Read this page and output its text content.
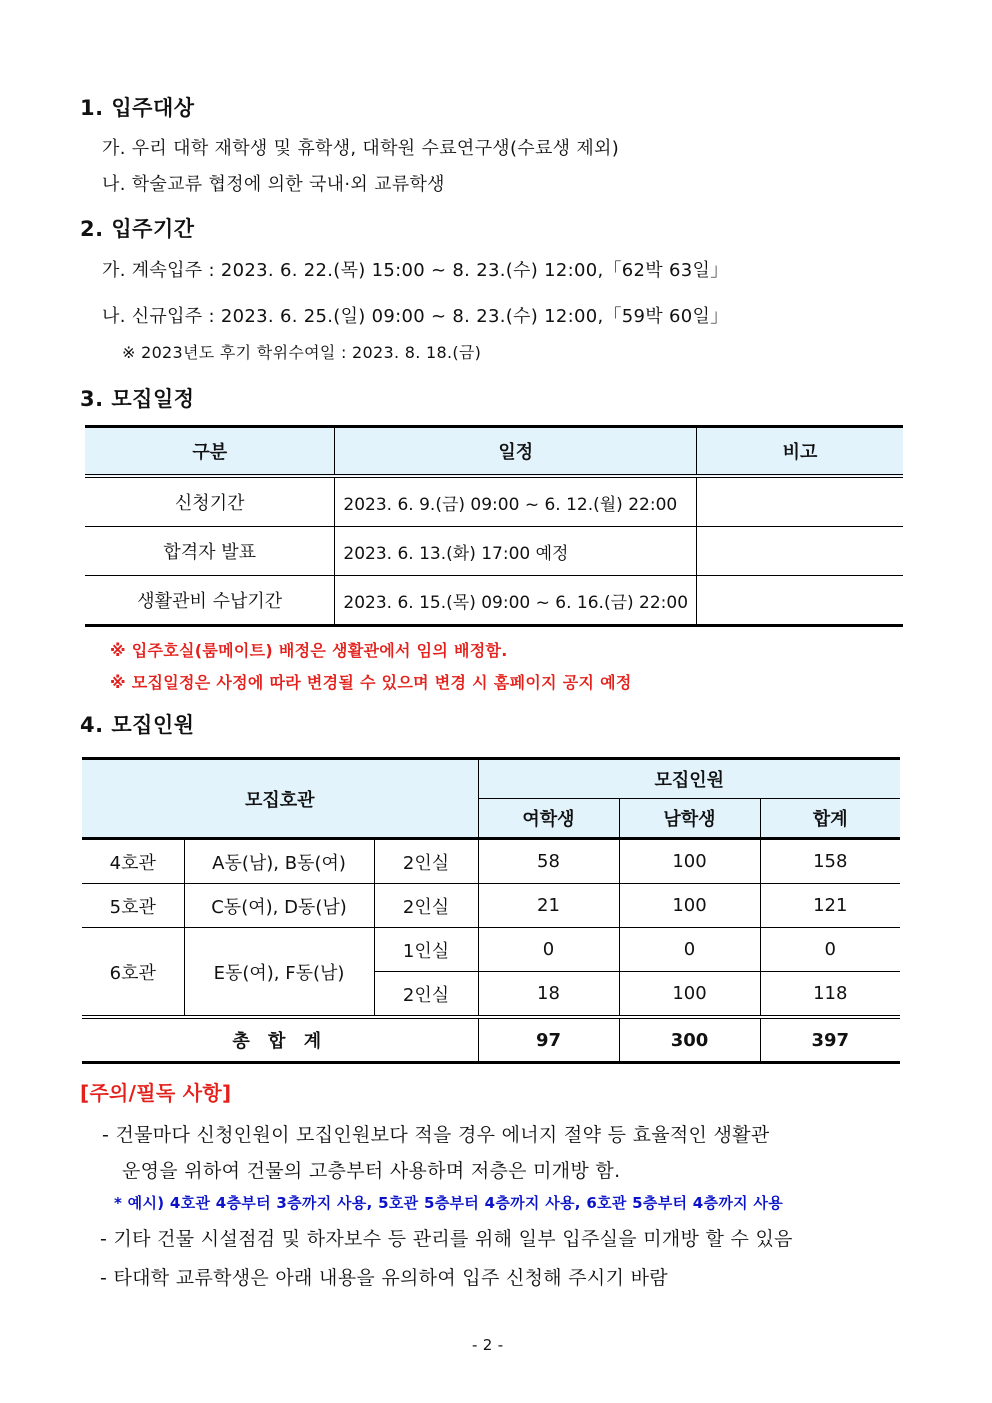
1. 입주대상
가. 우리 대학 재학생 및 휴학생, 대학원 수료연구생(수료생 제외)
나. 학술교류 협정에 의한 국내·외 교류학생
2. 입주기간
가. 계속입주 : 2023. 6. 22.(목) 15:00 ~ 8. 23.(수) 12:00,「62박 63일」
나. 신규입주 : 2023. 6. 25.(일) 09:00 ~ 8. 23.(수) 12:00,「59박 60일」
※ 2023년도 후기 학위수여일 : 2023. 8. 18.(금)
3. 모집일정
구분	일정	비고
신청기간	2023. 6. 9.(금) 09:00 ~ 6. 12.(월) 22:00	
합격자 발표	2023. 6. 13.(화) 17:00 예정	
생활관비 수납기간	2023. 6. 15.(목) 09:00 ~ 6. 16.(금) 22:00	
※ 입주호실(룸메이트) 배정은 생활관에서 임의 배정함.
※ 모집일정은 사정에 따라 변경될 수 있으며 변경 시 홈페이지 공지 예정
4. 모집인원
모집호관			모집인원		
			여학생	남학생	합계
4호관	A동(남), B동(여)	2인실	58	100	158
5호관	C동(여), D동(남)	2인실	21	100	121
6호관	E동(여), F동(남)	1인실	0	0	0
		2인실	18	100	118
총 합 계			97	300	397
[주의/필독 사항]
- 건물마다 신청인원이 모집인원보다 적을 경우 에너지 절약 등 효율적인 생활관
운영을 위하여 건물의 고층부터 사용하며 저층은 미개방 함.
* 예시) 4호관 4층부터 3층까지 사용, 5호관 5층부터 4층까지 사용, 6호관 5층부터 4층까지 사용
- 기타 건물 시설점검 및 하자보수 등 관리를 위해 일부 입주실을 미개방 할 수 있음
- 타대학 교류학생은 아래 내용을 유의하여 입주 신청해 주시기 바람
- 2 -
